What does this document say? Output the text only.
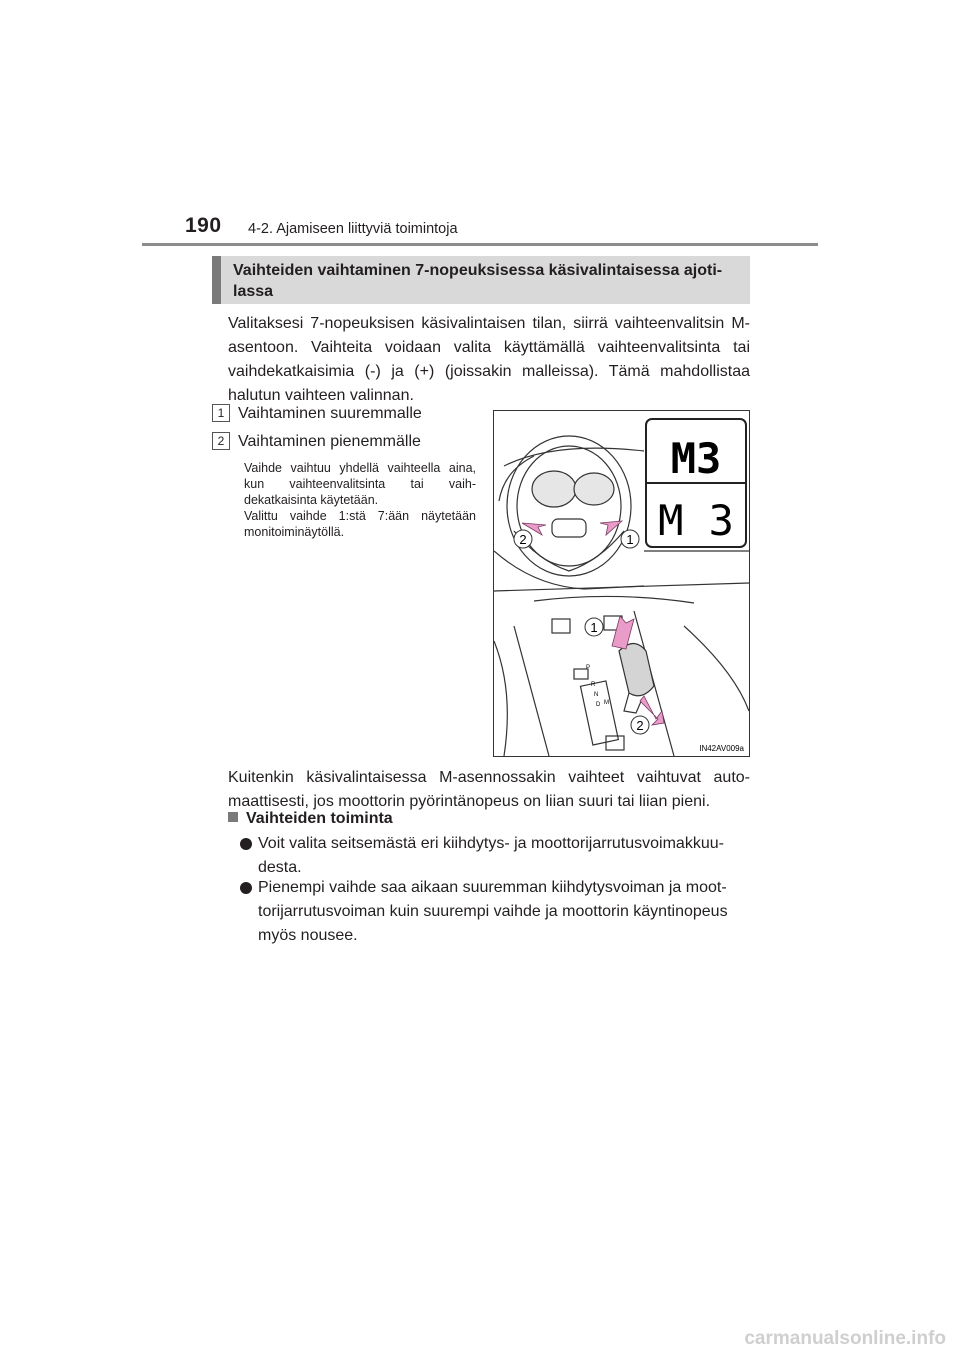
190 4-2. Ajamiseen liittyviä toimintoja
Vaihteiden vaihtaminen 7-nopeuksisessa käsivalintaisessa ajoti-lassa
Valitaksesi 7-nopeuksisen käsivalintaisen tilan, siirrä vaihteenvalitsin M-asentoon. Vaihteita voidaan valita käyttämällä vaihteenvalitsinta tai vaihdekatkaisimia (-) ja (+) (joissakin malleissa). Tämä mahdollistaa halutun vaihteen valinnan.
1 Vaihtaminen suuremmalle
2 Vaihtaminen pienemmälle
Vaihde vaihtuu yhdellä vaihteella aina, kun vaihteenvalitsinta tai vaih-dekatkaisinta käytetään.
Valittu vaihde 1:stä 7:ään näytetään monitoiminäytöllä.	2	1
M3
M 3
P
R
N
D M
1
2
IN42AV009a
Kuitenkin käsivalintaisessa M-asennossakin vaihteet vaihtuvat auto-maattisesti, jos moottorin pyörintänopeus on liian suuri tai liian pieni.
Vaihteiden toiminta
Voit valita seitsemästä eri kiihdytys- ja moottorijarrutusvoimakkuu-desta.
Pienempi vaihde saa aikaan suuremman kiihdytysvoiman ja moot-torijarrutusvoiman kuin suurempi vaihde ja moottorin käyntinopeus myös nousee.
carmanualsonline.info
